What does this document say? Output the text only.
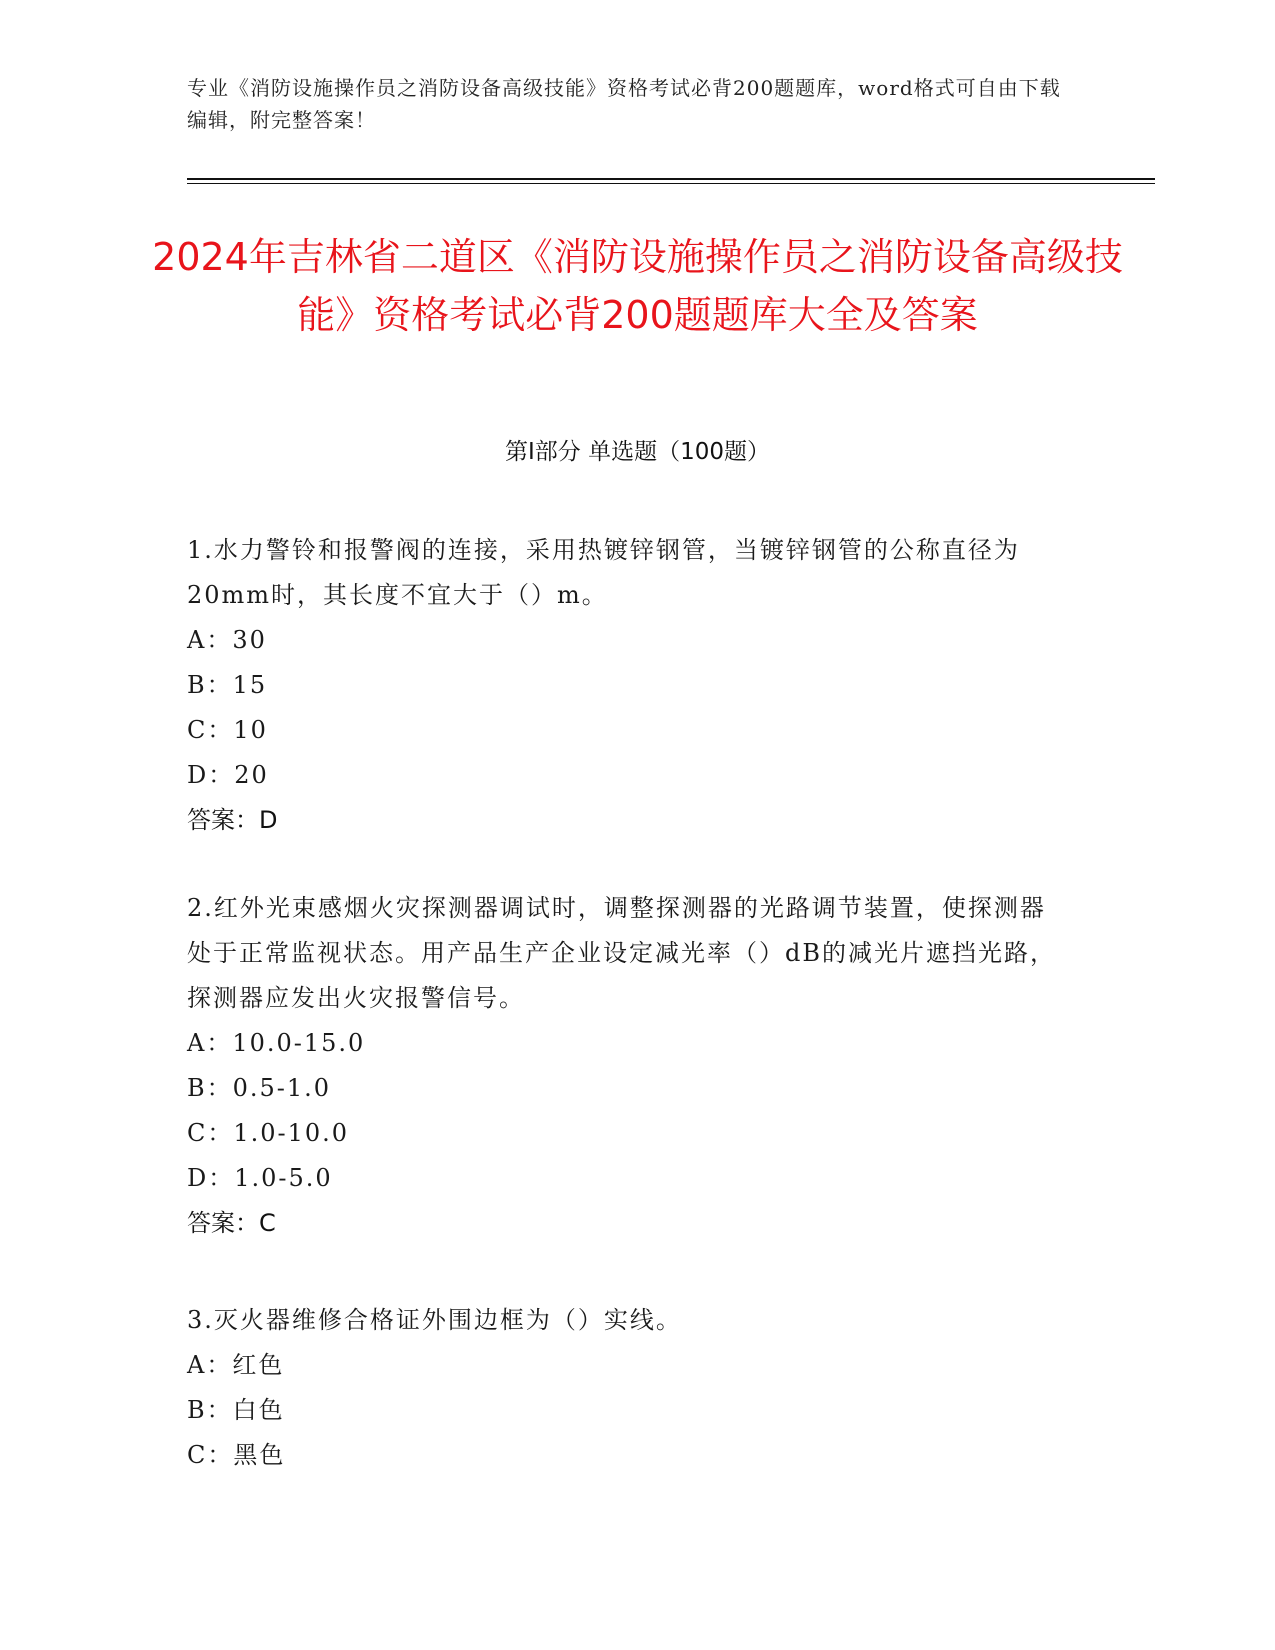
专业《消防设施操作员之消防设备高级技能》资格考试必背200题题库，word格式可自由下载编辑，附完整答案！
2024年吉林省二道区《消防设施操作员之消防设备高级技能》资格考试必背200题题库大全及答案
第I部分 单选题（100题）

1.水力警铃和报警阀的连接，采用热镀锌钢管，当镀锌钢管的公称直径为20mm时，其长度不宜大于（）m。

A：30

B：15

C：10

D：20

答案：D

2.红外光束感烟火灾探测器调试时，调整探测器的光路调节装置，使探测器处于正常监视状态。用产品生产企业设定减光率（）dB的减光片遮挡光路，探测器应发出火灾报警信号。

A：10.0-15.0

B：0.5-1.0

C：1.0-10.0

D：1.0-5.0

答案：C

3.灭火器维修合格证外围边框为（）实线。

A：红色

B：白色

C：黑色
